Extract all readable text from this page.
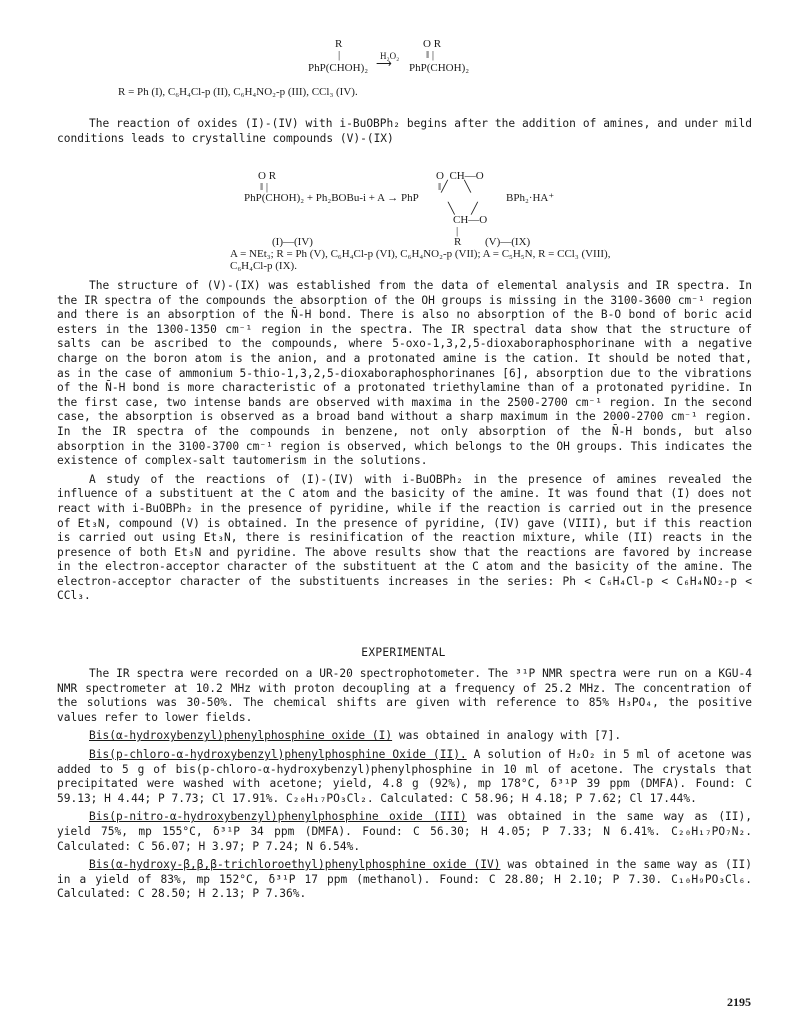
R
|
PhP(CHOH)₂
H₂O₂
⟶
O R
‖ |
PhP(CHOH)₂
R = Ph (I), C₆H₄Cl-p (II), C₆H₄NO₂-p (III), CCl₃ (IV).

The reaction of oxides (I)-(IV) with i-BuOBPh₂ begins after the addition of amines, and under mild conditions leads to crystalline compounds (V)-(IX)

O R
‖ |
PhP(CHOH)₂ + Ph₂BOBu-i + A → PhP
O  CH—O
‖╱      ╲
BPh₂·HA⁺
╲      ╱
CH—O
|
(I)—(IV)	R (V)—(IX)
A = NEt₃; R = Ph (V), C₆H₄Cl-p (VI), C₆H₄NO₂-p (VII); A = C₅H₅N, R = CCl₃ (VIII),
C₆H₄Cl-p (IX).

The structure of (V)-(IX) was established from the data of elemental analysis and IR spectra. In the IR spectra of the compounds the absorption of the OH groups is missing in the 3100-3600 cm⁻¹ region and there is an absorption of the N̄-H bond. There is also no absorption of the B-O bond of boric acid esters in the 1300-1350 cm⁻¹ region in the spectra. The IR spectral data show that the structure of salts can be ascribed to the compounds, where 5-oxo-1,3,2,5-dioxaboraphosphorinane with a negative charge on the boron atom is the anion, and a protonated amine is the cation. It should be noted that, as in the case of ammonium 5-thio-1,3,2,5-dioxaboraphosphorinanes [6], absorption due to the vibrations of the N̄-H bond is more characteristic of a protonated triethylamine than of a protonated pyridine. In the first case, two intense bands are observed with maxima in the 2500-2700 cm⁻¹ region. In the second case, the absorption is observed as a broad band without a sharp maximum in the 2000-2700 cm⁻¹ region. In the IR spectra of the compounds in benzene, not only absorption of the N̄-H bonds, but also absorption in the 3100-3700 cm⁻¹ region is observed, which belongs to the OH groups. This indicates the existence of complex-salt tautomerism in the solutions.

A study of the reactions of (I)-(IV) with i-BuOBPh₂ in the presence of amines revealed the influence of a substituent at the C atom and the basicity of the amine. It was found that (I) does not react with i-BuOBPh₂ in the presence of pyridine, while if the reaction is carried out in the presence of Et₃N, compound (V) is obtained. In the presence of pyridine, (IV) gave (VIII), but if this reaction is carried out using Et₃N, there is resinification of the reaction mixture, while (II) reacts in the presence of both Et₃N and pyridine. The above results show that the reactions are favored by increase in the electron-acceptor character of the substituent at the C atom and the basicity of the amine. The electron-acceptor character of the substituents increases in the series: Ph < C₆H₄Cl-p < C₆H₄NO₂-p < CCl₃.

EXPERIMENTAL

The IR spectra were recorded on a UR-20 spectrophotometer. The ³¹P NMR spectra were run on a KGU-4 NMR spectrometer at 10.2 MHz with proton decoupling at a frequency of 25.2 MHz. The concentration of the solutions was 30-50%. The chemical shifts are given with reference to 85% H₃PO₄, the positive values refer to lower fields.

Bis(α-hydroxybenzyl)phenylphosphine oxide (I) was obtained in analogy with [7].

Bis(p-chloro-α-hydroxybenzyl)phenylphosphine Oxide (II). A solution of H₂O₂ in 5 ml of acetone was added to 5 g of bis(p-chloro-α-hydroxybenzyl)phenylphosphine in 10 ml of acetone. The crystals that precipitated were washed with acetone; yield, 4.8 g (92%), mp 178°C, δ³¹P 39 ppm (DMFA). Found: C 59.13; H 4.44; P 7.73; Cl 17.91%. C₂₀H₁₇PO₃Cl₂. Calculated: C 58.96; H 4.18; P 7.62; Cl 17.44%.

Bis(p-nitro-α-hydroxybenzyl)phenylphosphine oxide (III) was obtained in the same way as (II), yield 75%, mp 155°C, δ³¹P 34 ppm (DMFA). Found: C 56.30; H 4.05; P 7.33; N 6.41%. C₂₀H₁₇PO₇N₂. Calculated: C 56.07; H 3.97; P 7.24; N 6.54%.

Bis(α-hydroxy-β,β,β-trichloroethyl)phenylphosphine oxide (IV) was obtained in the same way as (II) in a yield of 83%, mp 152°C, δ³¹P 17 ppm (methanol). Found: C 28.80; H 2.10; P 7.30. C₁₀H₉PO₃Cl₆. Calculated: C 28.50; H 2.13; P 7.36%.

2195
